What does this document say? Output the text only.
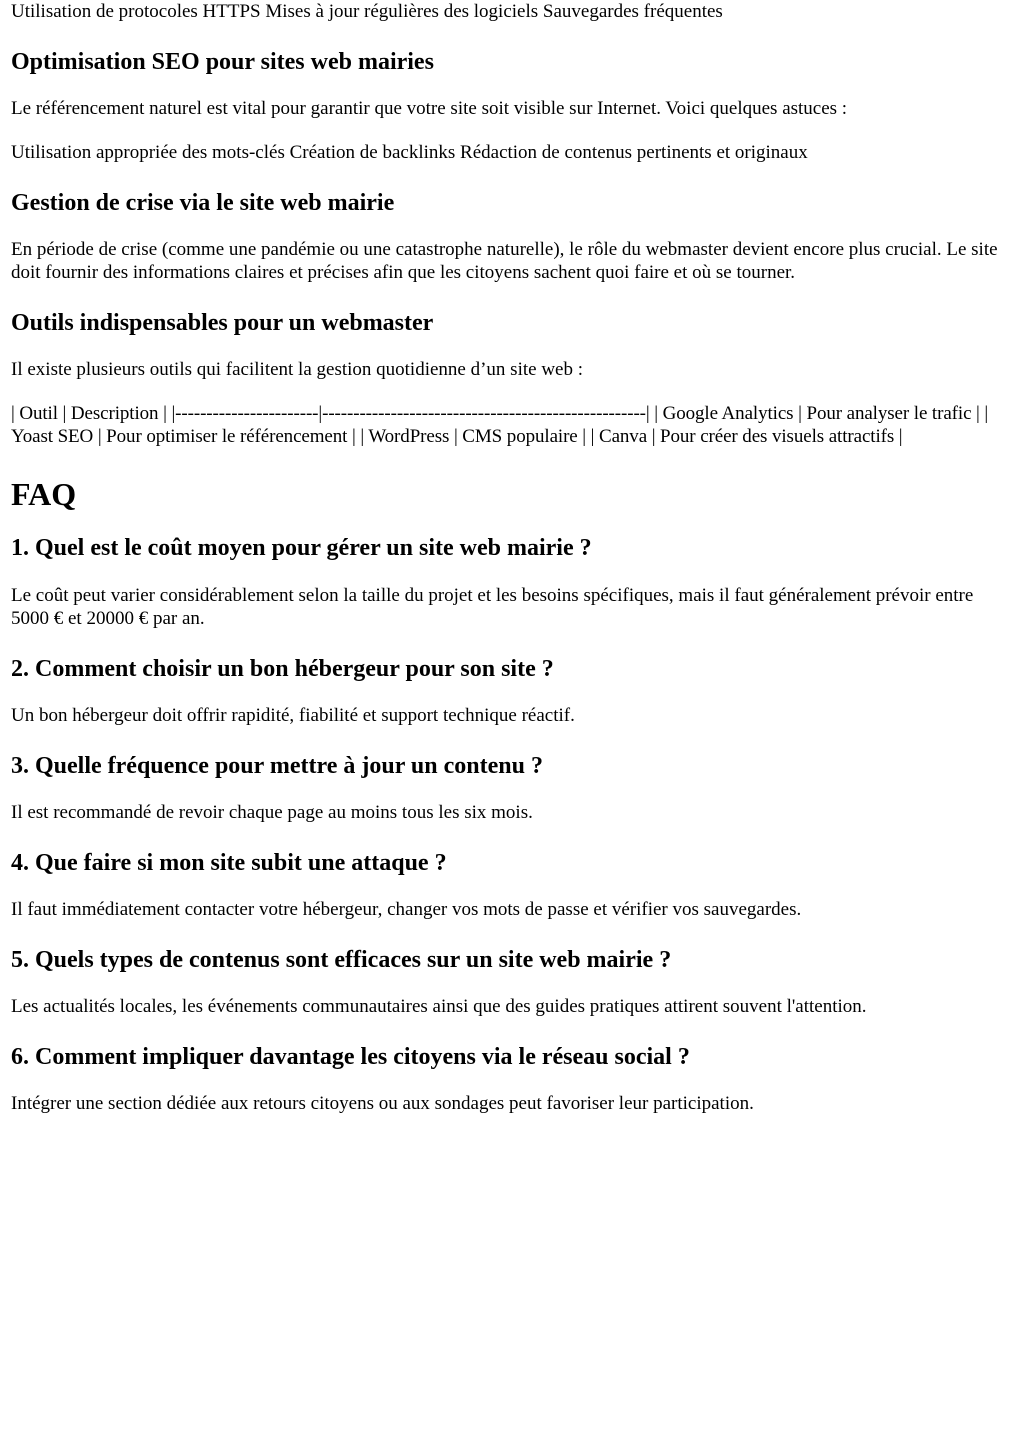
Utilisation de protocoles HTTPS Mises à jour régulières des logiciels Sauvegardes fréquentes

Optimisation SEO pour sites web mairies

Le référencement naturel est vital pour garantir que votre site soit visible sur Internet. Voici quelques astuces :

Utilisation appropriée des mots-clés Création de backlinks Rédaction de contenus pertinents et originaux

Gestion de crise via le site web mairie

En période de crise (comme une pandémie ou une catastrophe naturelle), le rôle du webmaster devient encore plus crucial. Le site doit fournir des informations claires et précises afin que les citoyens sachent quoi faire et où se tourner.

Outils indispensables pour un webmaster

Il existe plusieurs outils qui facilitent la gestion quotidienne d’un site web :

| Outil | Description | |-----------------------|----------------------------------------------------| | Google Analytics | Pour analyser le trafic | | Yoast SEO | Pour optimiser le référencement | | WordPress | CMS populaire | | Canva | Pour créer des visuels attractifs |

FAQ
1. Quel est le coût moyen pour gérer un site web mairie ?

Le coût peut varier considérablement selon la taille du projet et les besoins spécifiques, mais il faut généralement prévoir entre 5000 € et 20000 € par an.

2. Comment choisir un bon hébergeur pour son site ?

Un bon hébergeur doit offrir rapidité, fiabilité et support technique réactif.

3. Quelle fréquence pour mettre à jour un contenu ?

Il est recommandé de revoir chaque page au moins tous les six mois.

4. Que faire si mon site subit une attaque ?

Il faut immédiatement contacter votre hébergeur, changer vos mots de passe et vérifier vos sauvegardes.

5. Quels types de contenus sont efficaces sur un site web mairie ?

Les actualités locales, les événements communautaires ainsi que des guides pratiques attirent souvent l'attention.

6. Comment impliquer davantage les citoyens via le réseau social ?

Intégrer une section dédiée aux retours citoyens ou aux sondages peut favoriser leur participation.
